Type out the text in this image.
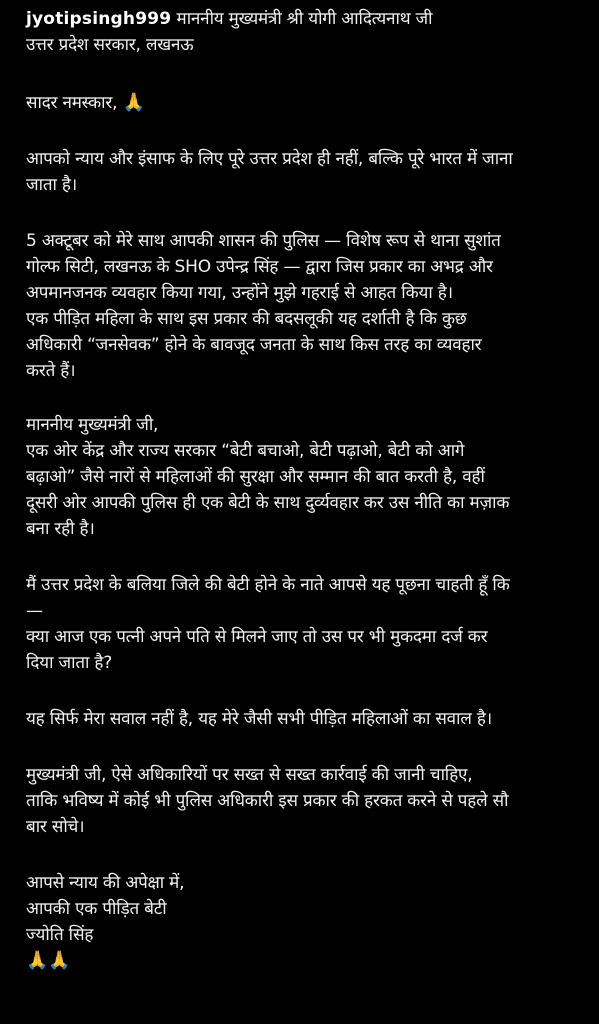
jyotipsingh999 माननीय मुख्यमंत्री श्री योगी आदित्यनाथ जी
उत्तर प्रदेश सरकार, लखनऊ
सादर नमस्कार, 🙏
आपको न्याय और इंसाफ के लिए पूरे उत्तर प्रदेश ही नहीं, बल्कि पूरे भारत में जाना
जाता है।
5 अक्टूबर को मेरे साथ आपकी शासन की पुलिस — विशेष रूप से थाना सुशांत
गोल्फ सिटी, लखनऊ के SHO उपेन्द्र सिंह — द्वारा जिस प्रकार का अभद्र और
अपमानजनक व्यवहार किया गया, उन्होंने मुझे गहराई से आहत किया है।
एक पीड़ित महिला के साथ इस प्रकार की बदसलूकी यह दर्शाती है कि कुछ
अधिकारी “जनसेवक” होने के बावजूद जनता के साथ किस तरह का व्यवहार
करते हैं।
माननीय मुख्यमंत्री जी,
एक ओर केंद्र और राज्य सरकार “बेटी बचाओ, बेटी पढ़ाओ, बेटी को आगे
बढ़ाओ” जैसे नारों से महिलाओं की सुरक्षा और सम्मान की बात करती है, वहीं
दूसरी ओर आपकी पुलिस ही एक बेटी के साथ दुर्व्यवहार कर उस नीति का मज़ाक
बना रही है।
मैं उत्तर प्रदेश के बलिया जिले की बेटी होने के नाते आपसे यह पूछना चाहती हूँ कि
—
क्या आज एक पत्नी अपने पति से मिलने जाए तो उस पर भी मुकदमा दर्ज कर
दिया जाता है?
यह सिर्फ मेरा सवाल नहीं है, यह मेरे जैसी सभी पीड़ित महिलाओं का सवाल है।
मुख्यमंत्री जी, ऐसे अधिकारियों पर सख्त से सख्त कार्रवाई की जानी चाहिए,
ताकि भविष्य में कोई भी पुलिस अधिकारी इस प्रकार की हरकत करने से पहले सौ
बार सोचे।
आपसे न्याय की अपेक्षा में,
आपकी एक पीड़ित बेटी
ज्योति सिंह
🙏🙏
